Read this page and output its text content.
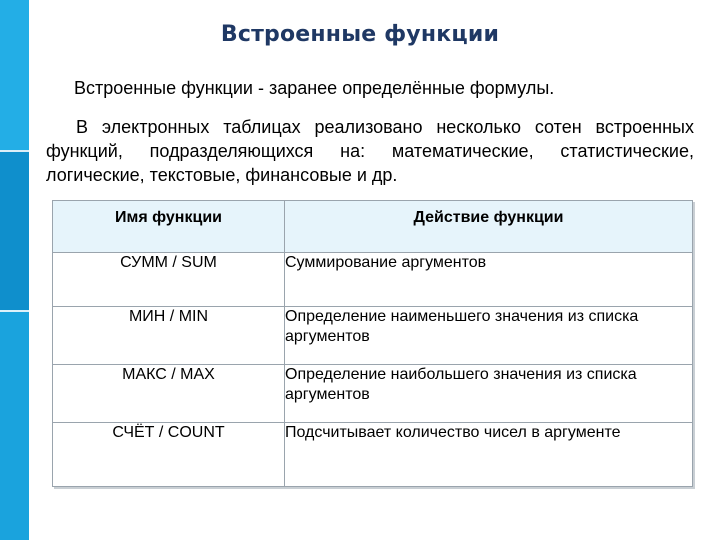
Встроенные функции
Встроенные функции - заранее определённые формулы.
В электронных таблицах реализовано несколько сотен встроенных функций, подразделяющихся на: математические, статистические, логические, текстовые, финансовые и др.
Имя функции	Действие функции
СУММ / SUM	Суммирование аргументов
МИН / MIN	Определение наименьшего значения из списка аргументов
МАКС / MAX	Определение наибольшего значения из списка аргументов
СЧЁТ / COUNT	Подсчитывает количество чисел в аргументе
